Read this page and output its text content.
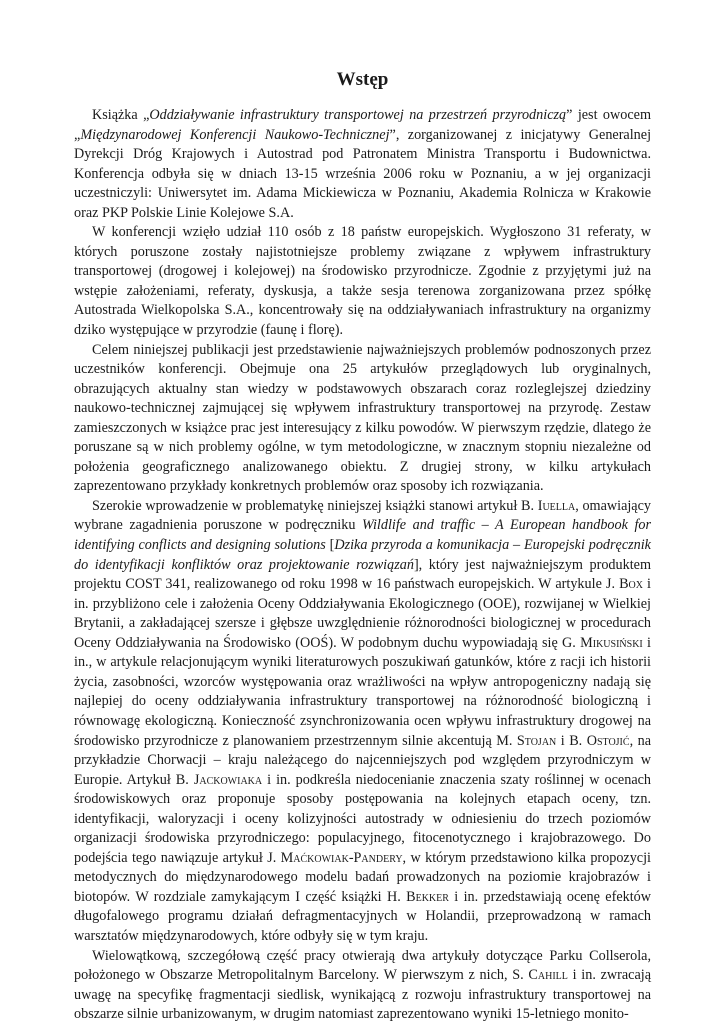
Wstęp

Książka „Oddziaływanie infrastruktury transportowej na przestrzeń przyrodniczą” jest owocem „Międzynarodowej Konferencji Naukowo-Technicznej”, zorganizowanej z inicjatywy Generalnej Dyrekcji Dróg Krajowych i Autostrad pod Patronatem Ministra Transportu i Budownictwa. Konferencja odbyła się w dniach 13-15 września 2006 roku w Poznaniu, a w jej organizacji uczestniczyli: Uniwersytet im. Adama Mickiewicza w Poznaniu, Akademia Rolnicza w Krakowie oraz PKP Polskie Linie Kolejowe S.A.

W konferencji wzięło udział 110 osób z 18 państw europejskich. Wygłoszono 31 referaty, w których poruszone zostały najistotniejsze problemy związane z wpływem infrastruktury transportowej (drogowej i kolejowej) na środowisko przyrodnicze. Zgodnie z przyjętymi już na wstępie założeniami, referaty, dyskusja, a także sesja terenowa zorganizowana przez spółkę Autostrada Wielkopolska S.A., koncentrowały się na oddziaływaniach infrastruktury na organizmy dziko występujące w przyrodzie (faunę i florę).

Celem niniejszej publikacji jest przedstawienie najważniejszych problemów podnoszonych przez uczestników konferencji. Obejmuje ona 25 artykułów przeglądowych lub oryginalnych, obrazujących aktualny stan wiedzy w podstawowych obszarach coraz rozleglejszej dziedziny naukowo-technicznej zajmującej się wpływem infrastruktury transportowej na przyrodę. Zestaw zamieszczonych w książce prac jest interesujący z kilku powodów. W pierwszym rzędzie, dlatego że poruszane są w nich problemy ogólne, w tym metodologiczne, w znacznym stopniu niezależne od położenia geograficznego analizowanego obiektu. Z drugiej strony, w kilku artykułach zaprezentowano przykłady konkretnych problemów oraz sposoby ich rozwiązania.

Szerokie wprowadzenie w problematykę niniejszej książki stanowi artykuł B. Iuella, omawiający wybrane zagadnienia poruszone w podręczniku Wildlife and traffic – A European handbook for identifying conflicts and designing solutions [Dzika przyroda a komunikacja – Europejski podręcznik do identyfikacji konfliktów oraz projektowanie rozwiązań], który jest najważniejszym produktem projektu COST 341, realizowanego od roku 1998 w 16 państwach europejskich. W artykule J. Box i in. przybliżono cele i założenia Oceny Oddziaływania Ekologicznego (OOE), rozwijanej w Wielkiej Brytanii, a zakładającej szersze i głębsze uwzględnienie różnorodności biologicznej w procedurach Oceny Oddziaływania na Środowisko (OOŚ). W podobnym duchu wypowiadają się G. Mikusiński i in., w artykule relacjonującym wyniki literaturowych poszukiwań gatunków, które z racji ich historii życia, zasobności, wzorców występowania oraz wrażliwości na wpływ antropogeniczny nadają się najlepiej do oceny oddziaływania infrastruktury transportowej na różnorodność biologiczną i równowagę ekologiczną. Konieczność zsynchronizowania ocen wpływu infrastruktury drogowej na środowisko przyrodnicze z planowaniem przestrzennym silnie akcentują M. Stojan i B. Ostojić, na przykładzie Chorwacji – kraju należącego do najcenniejszych pod względem przyrodniczym w Europie. Artykuł B. Jackowiaka i in. podkreśla niedocenianie znaczenia szaty roślinnej w ocenach środowiskowych oraz proponuje sposoby postępowania na kolejnych etapach oceny, tzn. identyfikacji, waloryzacji i oceny kolizyjności autostrady w odniesieniu do trzech poziomów organizacji środowiska przyrodniczego: populacyjnego, fitocenotycznego i krajobrazowego. Do podejścia tego nawiązuje artykuł J. Maćkowiak-Pandery, w którym przedstawiono kilka propozycji metodycznych do międzynarodowego modelu badań prowadzonych na poziomie krajobrazów i biotopów. W rozdziale zamykającym I część książki H. Bekker i in. przedstawiają ocenę efektów długofalowego programu działań defragmentacyjnych w Holandii, przeprowadzoną w ramach warsztatów międzynarodowych, które odbyły się w tym kraju.

Wielowątkową, szczegółową część pracy otwierają dwa artykuły dotyczące Parku Collserola, położonego w Obszarze Metropolitalnym Barcelony. W pierwszym z nich, S. Cahill i in. zwracają uwagę na specyfikę fragmentacji siedlisk, wynikającą z rozwoju infrastruktury transportowej na obszarze silnie urbanizowanym, w drugim natomiast zaprezentowano wyniki 15-letniego monito-
